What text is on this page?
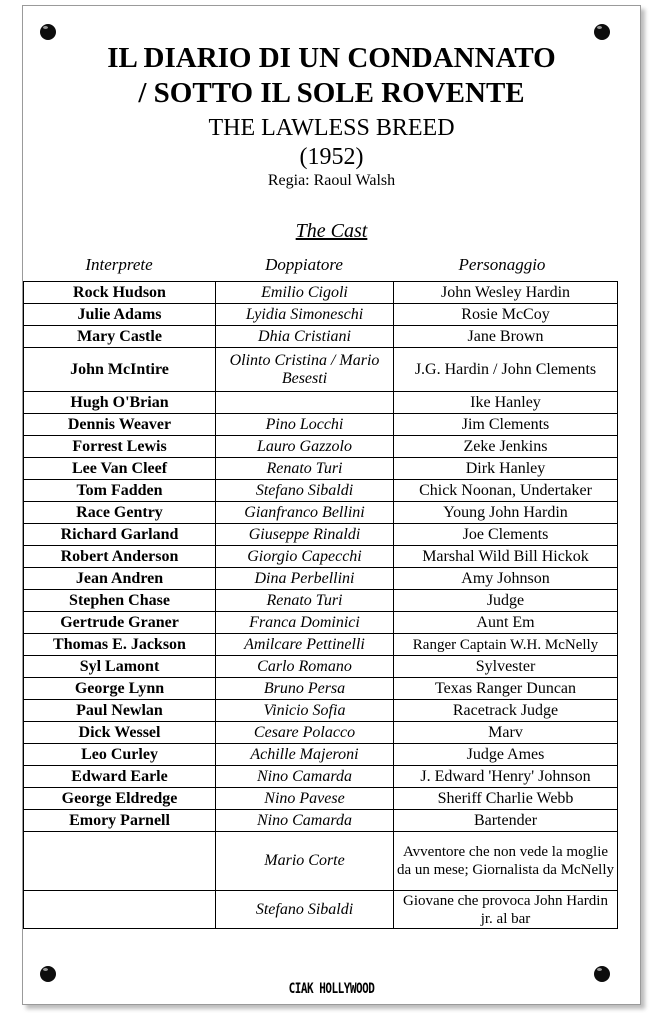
IL DIARIO DI UN CONDANNATO
/ SOTTO IL SOLE ROVENTE
THE LAWLESS BREED
(1952)
Regia: Raoul Walsh
The Cast
Interprete	Doppiatore	Personaggio
Rock Hudson	Emilio Cigoli	John Wesley Hardin
Julie Adams	Lyidia Simoneschi	Rosie McCoy
Mary Castle	Dhia Cristiani	Jane Brown
John McIntire	Olinto Cristina / Mario Besesti	J.G. Hardin / John Clements
Hugh O'Brian		Ike Hanley
Dennis Weaver	Pino Locchi	Jim Clements
Forrest Lewis	Lauro Gazzolo	Zeke Jenkins
Lee Van Cleef	Renato Turi	Dirk Hanley
Tom Fadden	Stefano Sibaldi	Chick Noonan, Undertaker
Race Gentry	Gianfranco Bellini	Young John Hardin
Richard Garland	Giuseppe Rinaldi	Joe Clements
Robert Anderson	Giorgio Capecchi	Marshal Wild Bill Hickok
Jean Andren	Dina Perbellini	Amy Johnson
Stephen Chase	Renato Turi	Judge
Gertrude Graner	Franca Dominici	Aunt Em
Thomas E. Jackson	Amilcare Pettinelli	Ranger Captain W.H. McNelly
Syl Lamont	Carlo Romano	Sylvester
George Lynn	Bruno Persa	Texas Ranger Duncan
Paul Newlan	Vinicio Sofia	Racetrack Judge
Dick Wessel	Cesare Polacco	Marv
Leo Curley	Achille Majeroni	Judge Ames
Edward Earle	Nino Camarda	J. Edward 'Henry' Johnson
George Eldredge	Nino Pavese	Sheriff Charlie Webb
Emory Parnell	Nino Camarda	Bartender
	Mario Corte	Avventore che non vede la moglie da un mese; Giornalista da McNelly
	Stefano Sibaldi	Giovane che provoca John Hardin jr. al bar
CIAK HOLLYWOOD
